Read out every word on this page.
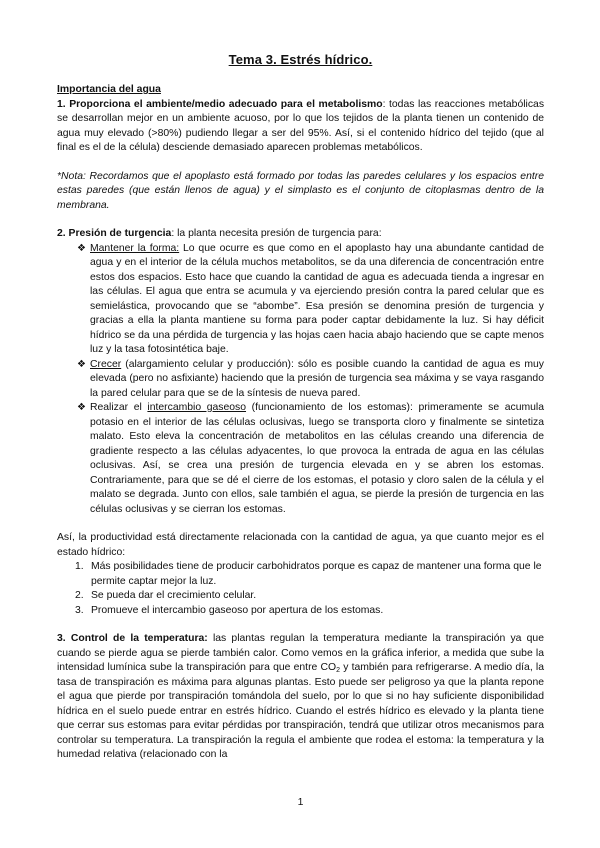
Tema 3. Estrés hídrico.

Importancia del agua

1. Proporciona el ambiente/medio adecuado para el metabolismo: todas las reacciones metabólicas se desarrollan mejor en un ambiente acuoso, por lo que los tejidos de la planta tienen un contenido de agua muy elevado (>80%) pudiendo llegar a ser del 95%. Así, si el contenido hídrico del tejido (que al final es el de la célula) desciende demasiado aparecen problemas metabólicos.

*Nota: Recordamos que el apoplasto está formado por todas las paredes celulares y los espacios entre estas paredes (que están llenos de agua) y el simplasto es el conjunto de citoplasmas dentro de la membrana.

2. Presión de turgencia: la planta necesita presión de turgencia para:

❖ Mantener la forma: Lo que ocurre es que como en el apoplasto hay una abundante cantidad de agua y en el interior de la célula muchos metabolitos, se da una diferencia de concentración entre estos dos espacios. Esto hace que cuando la cantidad de agua es adecuada tienda a ingresar en las células. El agua que entra se acumula y va ejerciendo presión contra la pared celular que es semielástica, provocando que se “abombe”. Esa presión se denomina presión de turgencia y gracias a ella la planta mantiene su forma para poder captar debidamente la luz. Si hay déficit hídrico se da una pérdida de turgencia y las hojas caen hacia abajo haciendo que se capte menos luz y la tasa fotosintética baje.
❖ Crecer (alargamiento celular y producción): sólo es posible cuando la cantidad de agua es muy elevada (pero no asfixiante) haciendo que la presión de turgencia sea máxima y se vaya rasgando la pared celular para que se de la síntesis de nueva pared.
❖ Realizar el intercambio gaseoso (funcionamiento de los estomas): primeramente se acumula potasio en el interior de las células oclusivas, luego se transporta cloro y finalmente se sintetiza malato. Esto eleva la concentración de metabolitos en las células creando una diferencia de gradiente respecto a las células adyacentes, lo que provoca la entrada de agua en las células oclusivas. Así, se crea una presión de turgencia elevada en y se abren los estomas. Contrariamente, para que se dé el cierre de los estomas, el potasio y cloro salen de la célula y el malato se degrada. Junto con ellos, sale también el agua, se pierde la presión de turgencia en las células oclusivas y se cierran los estomas.

Así, la productividad está directamente relacionada con la cantidad de agua, ya que cuanto mejor es el estado hídrico:

1. Más posibilidades tiene de producir carbohidratos porque es capaz de mantener una forma que le permite captar mejor la luz.
2. Se pueda dar el crecimiento celular.
3. Promueve el intercambio gaseoso por apertura de los estomas.

3. Control de la temperatura: las plantas regulan la temperatura mediante la transpiración ya que cuando se pierde agua se pierde también calor. Como vemos en la gráfica inferior, a medida que sube la intensidad lumínica sube la transpiración para que entre $CO_2$ y también para refrigerarse. A medio día, la tasa de transpiración es máxima para algunas plantas. Esto puede ser peligroso ya que la planta repone el agua que pierde por transpiración tomándola del suelo, por lo que si no hay suficiente disponibilidad hídrica en el suelo puede entrar en estrés hídrico. Cuando el estrés hídrico es elevado y la planta tiene que cerrar sus estomas para evitar pérdidas por transpiración, tendrá que utilizar otros mecanismos para controlar su temperatura. La transpiración la regula el ambiente que rodea el estoma: la temperatura y la humedad relativa (relacionado con la

1
